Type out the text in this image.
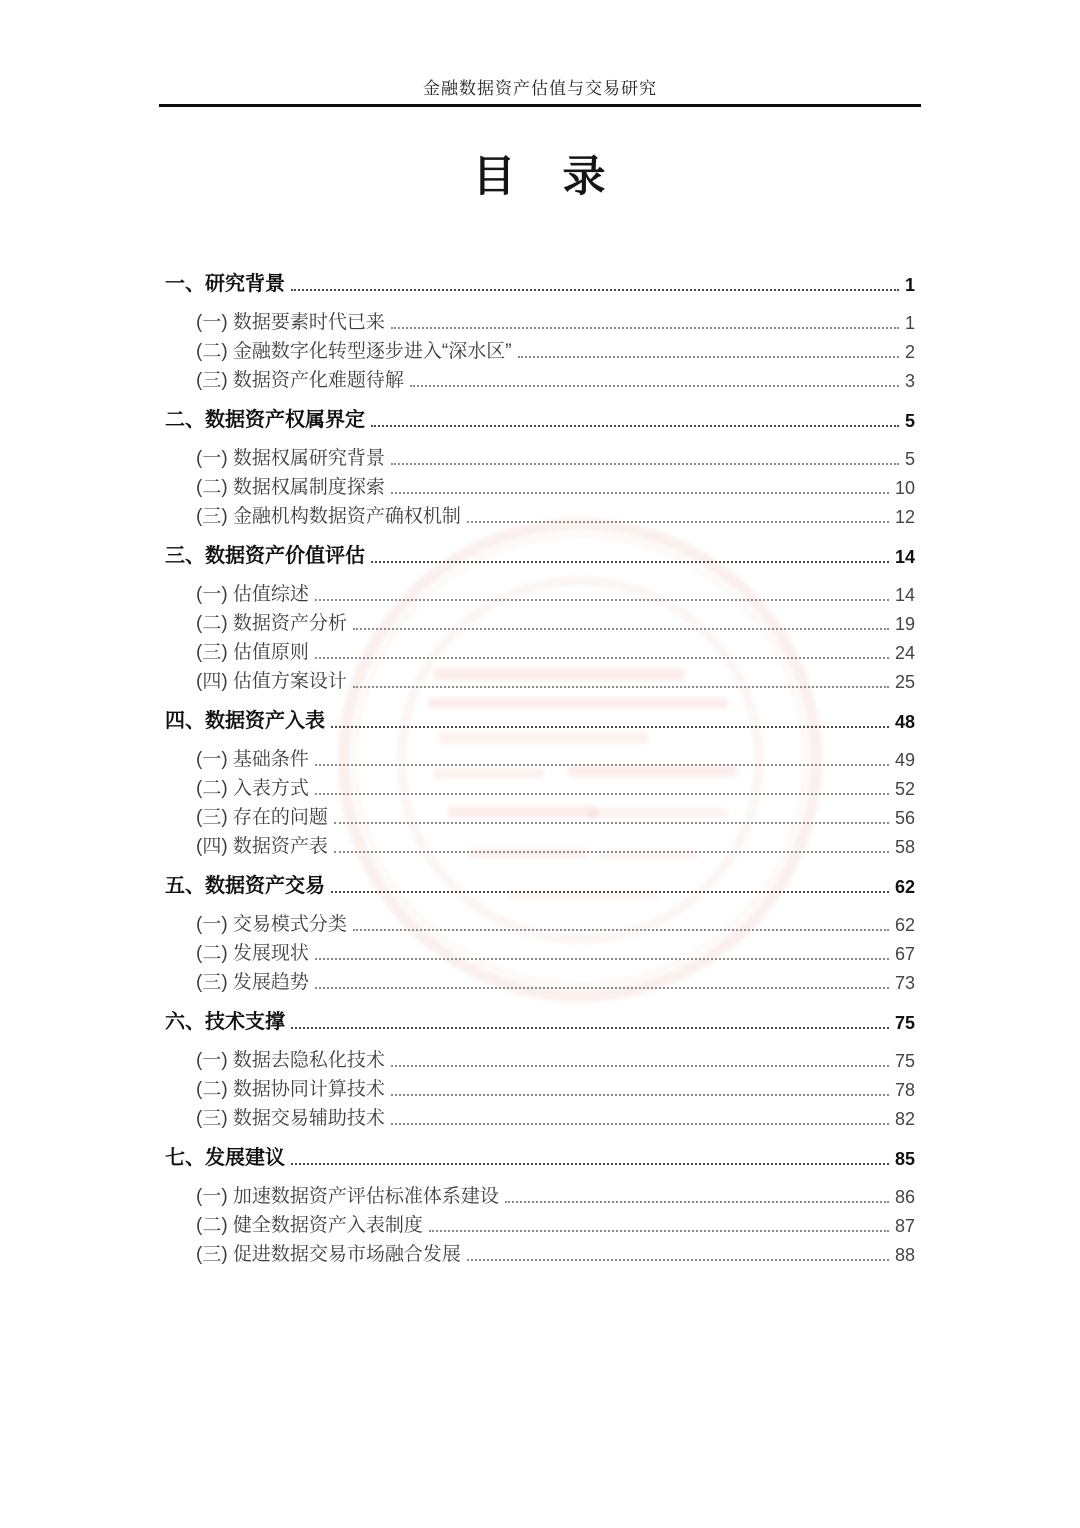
金融数据资产估值与交易研究
目　录
一、研究背景	1
(一) 数据要素时代已来	1
(二) 金融数字化转型逐步进入“深水区”	2
(三) 数据资产化难题待解	3
二、数据资产权属界定	5
(一) 数据权属研究背景	5
(二) 数据权属制度探索	10
(三) 金融机构数据资产确权机制	12
三、数据资产价值评估	14
(一) 估值综述	14
(二) 数据资产分析	19
(三) 估值原则	24
(四) 估值方案设计	25
四、数据资产入表	48
(一) 基础条件	49
(二) 入表方式	52
(三) 存在的问题	56
(四) 数据资产表	58
五、数据资产交易	62
(一) 交易模式分类	62
(二) 发展现状	67
(三) 发展趋势	73
六、技术支撑	75
(一) 数据去隐私化技术	75
(二) 数据协同计算技术	78
(三) 数据交易辅助技术	82
七、发展建议	85
(一) 加速数据资产评估标准体系建设	86
(二) 健全数据资产入表制度	87
(三) 促进数据交易市场融合发展	88
